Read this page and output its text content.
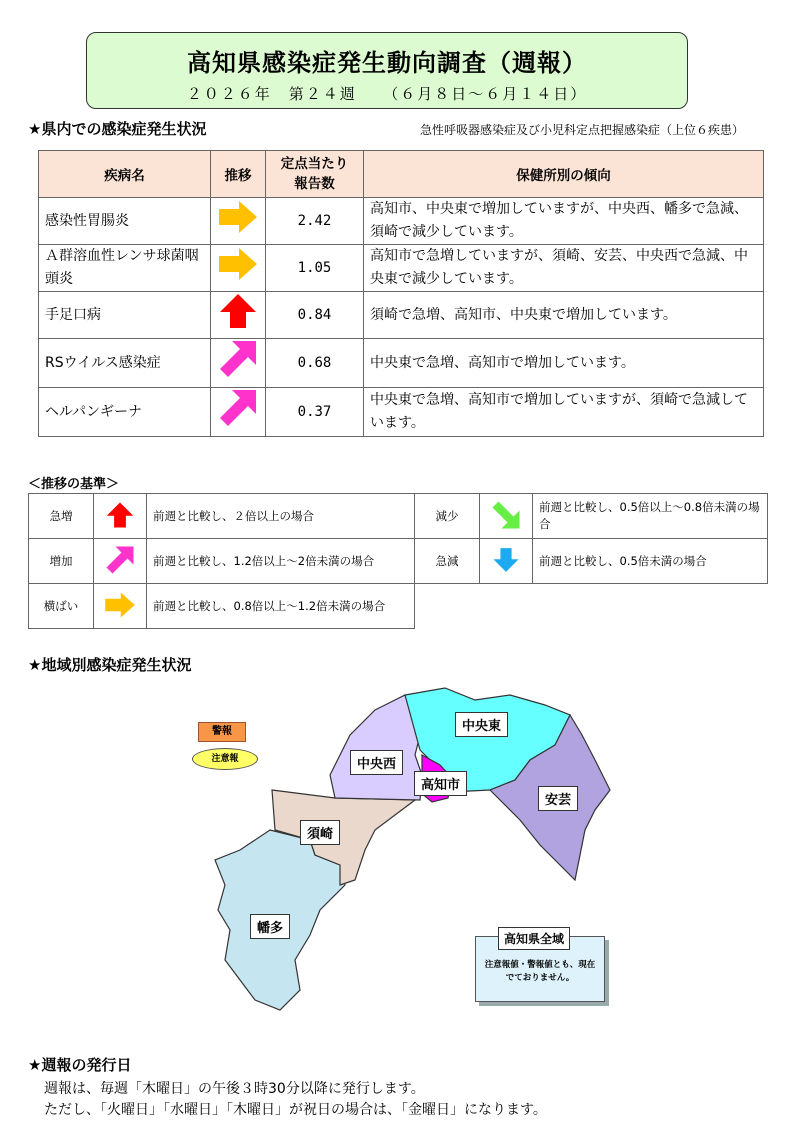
高知県感染症発生動向調査（週報）
２０２６年　第２４週　　（６月８日～６月１４日）
★県内での感染症発生状況	急性呼吸器感染症及び小児科定点把握感染症（上位６疾患）
疾病名	推移	定点当たり報告数	保健所別の傾向
感染性胃腸炎		2.42	高知市、中央東で増加していますが、中央西、幡多で急減、須崎で減少しています。
Ａ群溶血性レンサ球菌咽頭炎		1.05	高知市で急増していますが、須崎、安芸、中央西で急減、中央東で減少しています。
手足口病		0.84	須崎で急増、高知市、中央東で増加しています。
RSウイルス感染症		0.68	中央東で急増、高知市で増加しています。
ヘルパンギーナ		0.37	中央東で急増、高知市で増加していますが、須崎で急減しています。
＜推移の基準＞
急増		前週と比較し、２倍以上の場合	減少		前週と比較し、0.5倍以上～0.8倍未満の場合
増加		前週と比較し、1.2倍以上～2倍未満の場合	急減		前週と比較し、0.5倍未満の場合
横ばい		前週と比較し、0.8倍以上～1.2倍未満の場合			
★地域別感染症発生状況
警報
注意報
中央東
中央西
高知市
安芸
須崎
幡多
高知県全域
注意報値・警報値とも、現在でておりません。
★週報の発行日
週報は、毎週「木曜日」の午後３時30分以降に発行します。
ただし、「火曜日」「水曜日」「木曜日」が祝日の場合は、「金曜日」になります。
